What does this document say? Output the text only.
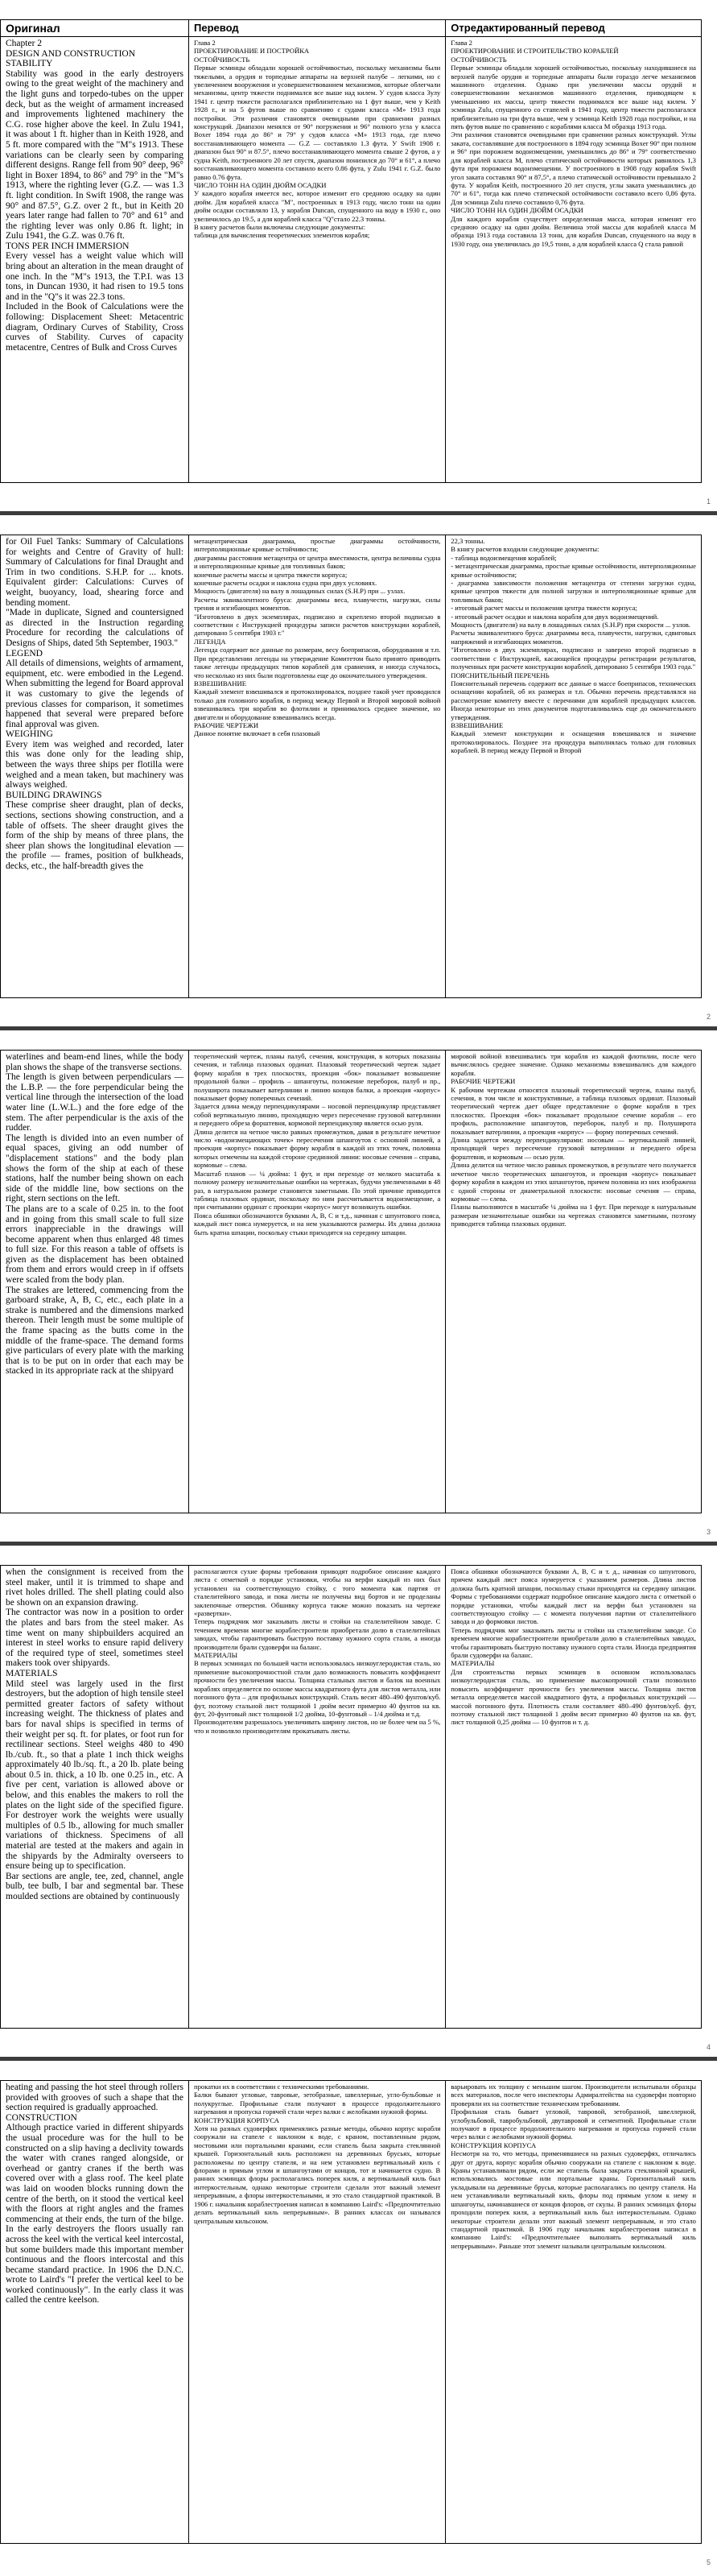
Оригинал
Chapter 2
DESIGN AND CONSTRUCTION
STABILITY
Stability was good in the early destroyers owing to the great weight of the machinery and the light guns and torpedo-tubes on the upper deck, but as the weight of armament increased and improvements lightened machinery the C.G. rose higher above the keel. In Zulu 1941, it was about 1 ft. higher than in Keith 1928, and 5 ft. more compared with the "M"s 1913. These variations can be clearly seen by comparing different designs. Range fell from 90° deep, 96° light in Boxer 1894, to 86° and 79° in the "M"s 1913, where the righting lever (G.Z. — was 1.3 ft. light condition. In Swift 1908, the range was 90° and 87.5°, G.Z. over 2 ft., but in Keith 20 years later range had fallen to 70° and 61° and the righting lever was only 0.86 ft. light; in Zulu 1941, the G.Z. was 0.76 ft.
TONS PER INCH IMMERSION
Every vessel has a weight value which will bring about an alteration in the mean draught of one inch. In the "M"s 1913, the T.P.I. was 13 tons, in Duncan 1930, it had risen to 19.5 tons and in the "Q"s it was 22.3 tons.
Included in the Book of Calculations were the following: Displacement Sheet: Metacentric diagram, Ordinary Curves of Stability, Cross curves of Stability. Curves of capacity metacentre, Centres of Bulk and Cross Curves
Перевод
Глава 2
ПРОЕКТИРОВАНИЕ И ПОСТРОЙКА
ОСТОЙЧИВОСТЬ
Первые эсминцы обладали хорошей остойчивостью, поскольку механизмы были тяжелыми, а орудия и торпедные аппараты на верхней палубе – легкими, но с увеличением вооружения и усовершенствованием механизмов, которые облегчали механизмы, центр тяжести поднимался все выше над килем. У судов класса Зулу 1941 г. центр тяжести располагался приблизительно на 1 фут выше, чем у Keith 1928 г., и на 5 футов выше по сравнению с судами класса «М» 1913 года постройки. Эти различия становятся очевидными при сравнении разных конструкций. Диапазон менялся от 90° погружения и 96° полного угла у класса Boxer 1894 года до 86° и 79° у судов класса «М» 1913 года, где плечо восстанавливающего момента — G.Z — составляло 1.3 фута. У Swift 1908 г. диапазон был 90° и 87.5°, плечо восстанавливающего момента свыше 2 футов, а у судна Keith, построенного 20 лет спустя, диапазон понизился до 70° и 61°, а плечо восстанавливающего момента составило всего 0.86 фута, у Zulu 1941 г. G.Z. было равно 0.76 фута.
ЧИСЛО ТОНН НА ОДИН ДЮЙМ ОСАДКИ
У каждого корабля имеется вес, которое изменит его среднюю осадку на один дюйм. Для кораблей класса "М", построенных в 1913 году, число тонн на один дюйм осадки составляло 13, у корабля Duncan, спущенного на воду в 1930 г., оно увеличилось до 19.5, а для кораблей класса "Q"стало 22.3 тонны.
В книгу расчетов были включены следующие документы:
таблица для вычисления теоретических элементов корабля;
Отредактированный перевод
Глава 2
ПРОЕКТИРОВАНИЕ И СТРОИТЕЛЬСТВО КОРАБЛЕЙ
ОСТОЙЧИВОСТЬ
Первые эсминцы обладали хорошей остойчивостью, поскольку находившиеся на верхней палубе орудия и торпедные аппараты были гораздо легче механизмов машинного отделения. Однако при увеличении массы орудий и совершенствовании механизмов машинного отделения, приводящем к уменьшению их массы, центр тяжести поднимался все выше над килем. У эсминца Zulu, спущенного со стапелей в 1941 году, центр тяжести располагался приблизительно на три фута выше, чем у эсминца Keith 1928 года постройки, и на пять футов выше по сравнению с кораблями класса M образца 1913 года.
Эти различия становятся очевидными при сравнении разных конструкций. Углы заката, составлявшие для построенного в 1894 году эсминца Boxer 90° при полном и 96° при порожнем водоизмещении, уменьшились до 86° и 79° соответственно для кораблей класса M, плечо статической остойчивости которых равнялось 1,3 фута при порожнем водоизмещении. У построенного в 1908 году корабля Swift угол заката составлял 90° и 87,5°, а плечо статической остойчивости превышало 2 фута. У корабля Keith, построенного 20 лет спустя, углы заката уменьшились до 70° и 61°, тогда как плечо статической остойчивости составило всего 0,86 фута. Для эсминца Zulu плечо составило 0,76 фута.
ЧИСЛО ТОНН НА ОДИН ДЮЙМ ОСАДКИ
Для каждого корабля существует определенная масса, которая изменит его среднюю осадку на один дюйм. Величина этой массы для кораблей класса M образца 1913 года составила 13 тонн, для корабля Duncan, спущенного на воду в 1930 году, она увеличилась до 19,5 тонн, а для кораблей класса Q стала равной
1
for Oil Fuel Tanks: Summary of Calculations for weights and Centre of Gravity of hull: Summary of Calculations for final Draught and Trim in two conditions. S.H.P. for ... knots. Equivalent girder: Calculations: Curves of weight, buoyancy, load, shearing force and bending moment.
"Made in duplicate, Signed and countersigned as directed in the Instruction regarding Procedure for recording the calculations of Designs of Ships, dated 5th September, 1903."
LEGEND
All details of dimensions, weights of armament, equipment, etc. were embodied in the Legend. When submitting the legend for Board approval it was customary to give the legends of previous classes for comparison, it sometimes happened that several were prepared before final approval was given.
WEIGHING
Every item was weighed and recorded, later this was done only for the leading ship, between the ways three ships per flotilla were weighed and a mean taken, but machinery was always weighed.
BUILDING DRAWINGS
These comprise sheer draught, plan of decks, sections, sections showing construction, and a table of offsets. The sheer draught gives the form of the ship by means of three plans, the sheer plan shows the longitudinal elevation — the profile — frames, position of bulkheads, decks, etc., the half-breadth gives the
метацентрическая диаграмма, простые диаграммы остойчивости, интерполяционные кривые остойчивости;
диаграммы расстояния метацентра от центра вместимости, центра величины судна и интерполяционные кривые для топливных баков;
конечные расчеты массы и центра тяжести корпуса;
конечные расчеты осадки и наклона судна при двух условиях.
Мощность (двигателя) на валу в лошадиных силах (S.H.P) при ... узлах.
Расчеты эквивалентного бруса: диаграммы веса, плавучести, нагрузки, силы трения и изгибающих моментов.
"Изготовлено в двух экземплярах, подписано и скреплено второй подписью в соответствии с Инструкцией процедуры записи расчетов конструкции кораблей, датировано 5 сентября 1903 г."
ЛЕГЕНДА
Легенда содержит все данные по размерам, весу боеприпасов, оборудования и т.п. При представлении легенды на утверждение Комитетом было принято приводить также легенды предыдущих типов кораблей для сравнения, и иногда случалось, что несколько из них были подготовлены еще до окончательного утверждения.
ВЗВЕШИВАНИЕ
Каждый элемент взвешивался и протоколировался, позднее такой учет проводился только для головного корабля, в период между Первой и Второй мировой войной взвешивались три корабля во флотилии и принималось среднее значение, но двигатели и оборудование взвешивались всегда.
РАБОЧИЕ ЧЕРТЕЖИ
Данное понятие включает в себя плазовый
22,3 тонны.
В книгу расчетов входили следующие документы:
- таблица водоизмещения кораблей;
- метацентрическая диаграмма, простые кривые остойчивости, интерполяционные кривые остойчивости;
- диаграмма зависимости положения метацентра от степени загрузки судна, кривые центров тяжести для полной загрузки и интерполяционные кривые для топливных баков;
- итоговый расчет массы и положения центра тяжести корпуса;
- итоговый расчет осадки и наклона корабля для двух водоизмещений.
Мощность (двигателя) на валу в лошадиных силах (S.H.P) при скорости ... узлов.
Расчеты эквивалентного бруса: диаграммы веса, плавучести, нагрузки, сдвиговых напряжений и изгибающих моментов.
"Изготовлено в двух экземплярах, подписано и заверено второй подписью в соответствии с Инструкцией, касающейся процедуры регистрации результатов, полученных при расчете конструкции кораблей, датировано 5 сентября 1903 года."
ПОЯСНИТЕЛЬНЫЙ ПЕРЕЧЕНЬ
Пояснительный перечень содержит все данные о массе боеприпасов, технических оснащении кораблей, об их размерах и т.п. Обычно перечень представлялся на рассмотрение комитету вместе с перечнями для кораблей предыдущих классов. Иногда некоторые из этих документов подготавливались еще до окончательного утверждения.
ВЗВЕШИВАНИЕ
Каждый элемент конструкции и оснащения взвешивался и значение протоколировалось. Позднее эта процедура выполнялась только для головных кораблей. В период между Первой и Второй
2
waterlines and beam-end lines, while the body plan shows the shape of the transverse sections.
The length is given between perpendiculars — the L.B.P. — the fore perpendicular being the vertical line through the intersection of the load water line (L.W.L.) and the fore edge of the stem. The after perpendicular is the axis of the rudder.
The length is divided into an even number of equal spaces, giving an odd number of "displacement stations" and the body plan shows the form of the ship at each of these stations, half the number being shown on each side of the middle line, bow sections on the right, stern sections on the left.
The plans are to a scale of 0.25 in. to the foot and in going from this small scale to full size errors inappreciable in the drawings will become apparent when thus enlarged 48 times to full size. For this reason a table of offsets is given as the displacement has been obtained from them and errors would creep in if offsets were scaled from the body plan.
The strakes are lettered, commencing from the garboard strake, A, B, C, etc., each plate in a strake is numbered and the dimensions marked thereon. Their length must be some multiple of the frame spacing as the butts come in the middle of the frame-space. The demand forms give particulars of every plate with the marking that is to be put on in order that each may be stacked in its appropriate rack at the shipyard
теоретический чертеж, планы палуб, сечения, конструкция, в которых показаны сечения, и таблица плазовых ординат. Плазовый теоретический чертеж задает форму корабля в трех плоскостях, проекция «бок» показывает возвышение продольной балки – профиль – шпангоуты, положение переборок, палуб и пр., полуширота показывает ватерлинии и линию концов балки, а проекция «корпус» показывает форму поперечных сечений.
Задается длина между перпендикулярами – носовой перпендикуляр представляет собой вертикальную линию, проходящую через пересечение грузовой ватерлинии и переднего обреза форштевня, кормовой перпендикуляр является осью руля.
Длина делится на четное число равных промежутков, давая в результате нечетное число «водоизмещающих точек» пересечения шпангоутов с основной линией, а проекция «корпус» показывает форму корабля в каждой из этих точек, половина которых отмечены на каждой стороне срединной линии: носовые сечения – справа, кормовые – слева.
Масштаб планов — ¼ дюйма: 1 фут, и при переходе от мелкого масштаба к полному размеру незначительные ошибки на чертежах, будучи увеличенными в 48 раз, в натуральном размере становятся заметными. По этой причине приводится таблица плазовых ординат, поскольку по ним рассчитывается водоизмещение, а при считывании ординат с проекции «корпус» могут возникнуть ошибки.
Пояса обшивки обозначаются буквами A, B, C и т.д., начиная с шпунтового пояса, каждый лист пояса нумеруется, и на нем указываются размеры. Их длина должна быть кратна шпации, поскольку стыки приходятся на середину шпации.
мировой войной взвешивались три корабля из каждой флотилии, после чего вычислялось среднее значение. Однако механизмы взвешивались для каждого корабля.
РАБОЧИЕ ЧЕРТЕЖИ
К рабочим чертежам относятся плазовый теоретический чертеж, планы палуб, сечения, в том числе и конструктивные, а таблица плазовых ординат. Плазовый теоретический чертеж дает общее представление о форме корабля в трех плоскостях. Проекция «бок» показывает продольное сечение корабля – его профиль, расположение шпангоутов, переборок, палуб и пр. Полуширота показывает ватерлинии, а проекция «корпус» — форму поперечных сечений.
Длина задается между перпендикулярами: носовым — вертикальной линией, проходящей через пересечение грузовой ватерлинии и переднего обреза форштевня, и кормовым — осью руля.
Длина делится на четное число равных промежутков, в результате чего получается нечетное число теоретических шпангоутов, и проекция «корпус» показывает форму корабля в каждом из этих шпангоутов, причем половина из них изображена с одной стороны от диаметральной плоскости: носовые сечения — справа, кормовые — слева.
Планы выполняются в масштабе ¼ дюйма на 1 фут. При переходе к натуральным размерам незначительные ошибки на чертежах становятся заметными, поэтому приводится таблица плазовых ординат.
3
when the consignment is received from the steel maker, until it is trimmed to shape and rivet holes drilled. The shell plating could also be shown on an expansion drawing.
The contractor was now in a position to order the plates and bars from the steel maker. As time went on many shipbuilders acquired an interest in steel works to ensure rapid delivery of the required type of steel, sometimes steel makers took over shipyards.
MATERIALS
Mild steel was largely used in the first destroyers, but the adoption of high tensile steel permitted greater factors of safety without increasing weight. The thickness of plates and bars for naval ships is specified in terms of their weight per sq. ft. for plates, or foot run for rectilinear sections. Steel weighs 480 to 490 lb./cub. ft., so that a plate 1 inch thick weighs approximately 40 lb./sq. ft., a 20 lb. plate being about 0.5 in. thick, a 10 lb. one 0.25 in., etc. A five per cent, variation is allowed above or below, and this enables the makers to roll the plates on the light side of the specified figure. For destroyer work the weights were usually multiples of 0.5 lb., allowing for much smaller variations of thickness. Specimens of all material are tested at the makers and again in the shipyards by the Admiralty overseers to ensure being up to specification.
Bar sections are angle, tee, zed, channel, angle bulb, tee bulb, I bar and segmental bar. These moulded sections are obtained by continuously
располагаются сухие формы требования приводят подробное описание каждого листа с отметкой о порядке установки, чтобы на верфи каждый из них был установлен на соответствующую стойку, с того момента как партия от сталелитейного завода, и пока листы не получены вид бортов и не проделаны заклепочные отверстия. Обшивку корпуса также можно показать на чертеже «развертки».
Теперь подрядчик мог заказывать листы и стойки на сталелитейном заводе. С течением времени многие кораблестроители приобретали долю в сталелитейных заводах, чтобы гарантировать быструю поставку нужного сорта стали, а иногда производители брали судоверфи на баланс.
МАТЕРИАЛЫ
В первых эсминцах по большей части использовалась низкоуглеродистая сталь, но применение высокопрочностной стали дало возможность повысить коэффициент прочности без увеличения массы. Толщина стальных листов и балок на военных кораблях определяется по основе массы квадратного фута для листов металла, или погонного фута – для профильных конструкций. Сталь весит 480–490 фунтов/куб. фут, поэтому стальной лист толщиной 1 дюйм весит примерно 40 фунтов на кв. фут, 20-фунтовый лист толщиной 1/2 дюйма, 10-фунтовый – 1/4 дюйма и т.д.
Производителям разрешалось увеличивать ширину листов, но не более чем на 5 %, что и позволяло производителям прокатывать листы.
Пояса обшивки обозначаются буквами A, B, C и т. д., начиная со шпунтового, причем каждый лист пояса нумеруется с указанием размеров. Длина листов должна быть кратной шпации, поскольку стыки приходятся на середину шпации. Формы с требованиями содержат подробное описание каждого листа с отметкой о порядке установки, чтобы каждый лист на верфи был установлен на соответствующую стойку — с момента получения партии от сталелитейного завода и до формовки листов.
Теперь подрядчик мог заказывать листы и стойки на сталелитейном заводе. Со временем многие кораблестроители приобретали долю в сталелитейных заводах, чтобы гарантировать быструю поставку нужного сорта стали. Иногда предприятия брали судоверфи на баланс.
МАТЕРИАЛЫ
Для строительства первых эсминцев в основном использовалась низкоуглеродистая сталь, но применение высокопрочной стали позволило повысить коэффициент прочности без увеличения массы. Толщина листов металла определяется массой квадратного фута, а профильных конструкций — массой погонного фута. Плотность стали составляет 480–490 фунтов/куб. фут, поэтому стальной лист толщиной 1 дюйм весит примерно 40 фунтов на кв. фут, лист толщиной 0,25 дюйма — 10 фунтов и т. д.
4
heating and passing the hot steel through rollers provided with grooves of such a shape that the section required is gradually approached.
CONSTRUCTION
Although practice varied in different shipyards the usual procedure was for the hull to be constructed on a slip having a declivity towards the water with cranes ranged alongside, or overhead or gantry cranes if the berth was covered over with a glass roof. The keel plate was laid on wooden blocks running down the centre of the berth, on it stood the vertical keel with the floors at right angles and the frames commencing at their ends, the turn of the bilge. In the early destroyers the floors usually ran across the keel with the vertical keel intercostal, but some builders made this important member continuous and the floors intercostal and this became standard practice. In 1906 the D.N.C. wrote to Laird's "I prefer the vertical keel to be worked continuously". In the early class it was called the centre keelson.
прокатки их в соответствии с техническими требованиями.
Балки бывают угловые, тавровые, зетобразные, швеллерные, угло-бульбовые и полукруглые. Профильные стали получают в процессе продолжительного нагревания и пропуска горячей стали через валки с желобками нужной формы.
КОНСТРУКЦИЯ КОРПУСА
Хотя на разных судоверфях применялись разные методы, обычно корпус корабля сооружали на стапеле с наклоном к воде, с краном, поставленным рядом, мостовыми или портальными кранами, если стапель была закрыта стеклянной крышей. Горизонтальный киль расположен на деревянных брусьях, которые расположены по центру стапеля, и на нем установлен вертикальный киль с флорами и прямым углом и шпангоутами от концов, тот и начинается судно. В ранних эсминцах флоры располагались поперек киля, а вертикальный киль был интеркостельным, однако некоторые строители сделали этот важный элемент непрерывным, а флоры интеркостельными, и это стало стандартной практикой. В 1906 г. начальник кораблестроения написал в компанию Laird's: «Предпочтительно делать вертикальный киль непрерывным». В ранних классах он назывался центральным кильсоном.
варьировать их толщину с меньшим шагом. Производители испытывали образцы всех материалов, после чего инспекторы Адмиралтейства на судоверфи повторно проверяли их на соответствие техническим требованиям.
Профильная сталь бывает угловой, тавровой, зетобразной, швеллерной, углобульбовой, тавробульбовой, двутавровой и сегментной. Профильные стали получают в процессе продолжительного нагревания и пропуска горячей стали через валки с желобками нужной формы.
КОНСТРУКЦИЯ КОРПУСА
Несмотря на то, что методы, применявшиеся на разных судоверфях, отличались друг от друга, корпус корабля обычно сооружали на стапеле с наклоном к воде. Краны устанавливали рядом, если же стапель была закрыта стеклянной крышей, использовались мостовые или портальные краны. Горизонтальный киль укладывали на деревянные брусья, которые располагались по центру стапеля. На нем устанавливали вертикальный киль, флоры под прямым углом к нему и шпангоуты, начинавшиеся от концов флоров, от скулы. В ранних эсминцах флоры проходили поперек киля, а вертикальный киль был интеркостельным. Однако некоторые строители делали этот важный элемент непрерывным, и это стало стандартной практикой. В 1906 году начальник кораблестроения написал в компанию Laird's: «Предпочтительнее выполнять вертикальный киль непрерывным». Раньше этот элемент называли центральным кильсоном.
5
